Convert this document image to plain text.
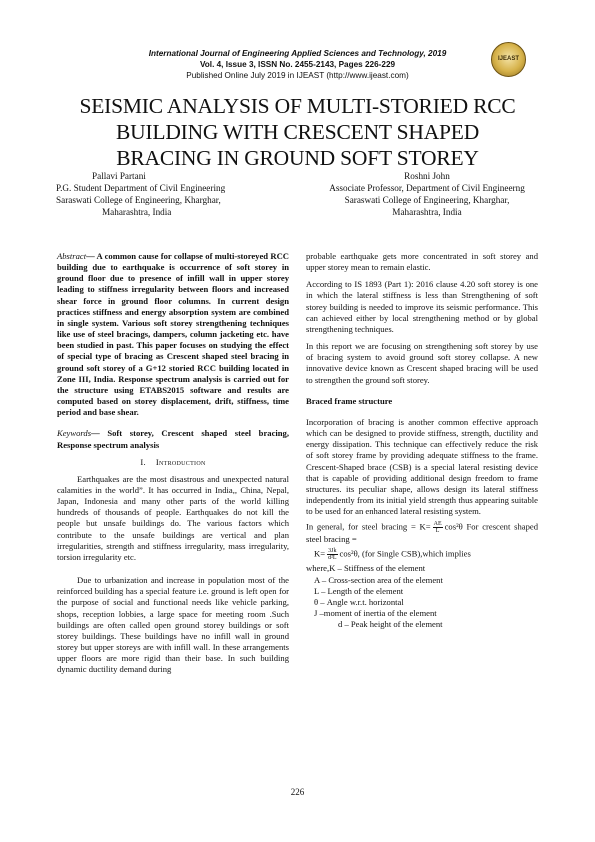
International Journal of Engineering Applied Sciences and Technology, 2019
Vol. 4, Issue 3, ISSN No. 2455-2143, Pages 226-229
Published Online July 2019 in IJEAST (http://www.ijeast.com)
IJEAST
SEISMIC ANALYSIS OF MULTI-STORIED RCC
BUILDING WITH CRESCENT SHAPED
BRACING IN GROUND SOFT STOREY
Pallavi Partani
P.G. Student Department of Civil Engineering
Saraswati College of Engineering, Kharghar,
Maharashtra, India
Roshni John
Associate Professor, Department of Civil Engineerng
Saraswati College of Engineering, Kharghar,
Maharashtra, India

Abstract— A common cause for collapse of multi-storeyed RCC building due to earthquake is occurrence of soft storey in ground floor due to presence of infill wall in upper storey leading to stiffness irregularity between floors and increased shear force in ground floor columns. In current design practices stiffness and energy absorption system are combined in single system. Various soft storey strengthening techniques like use of steel bracings, dampers, column jacketing etc. have been studied in past. This paper focuses on studying the effect of special type of bracing as Crescent shaped steel bracing in ground soft storey of a G+12 storied RCC building located in Zone III, India. Response spectrum analysis is carried out for the structure using ETABS2015 software and results are computed based on storey displacement, drift, stiffness, time period and base shear.

Keywords— Soft storey, Crescent shaped steel bracing, Response spectrum analysis

I. Introduction

Earthquakes are the most disastrous and unexpected natural calamities in the world”. It has occurred in India,, China, Nepal, Japan, Indonesia and many other parts of the world killing hundreds of thousands of people. Earthquakes do not kill the people but unsafe buildings do. The various factors which contribute to the unsafe buildings are vertical and plan irregularities, strength and stiffness irregularity, mass irregularity, torsion irregularity etc.

Due to urbanization and increase in population most of the reinforced building has a special feature i.e. ground is left open for the purpose of social and functional needs like vehicle parking, shops, reception lobbies, a large space for meeting room .Such buildings are often called open ground storey buildings or soft storey buildings. These buildings have no infill wall in ground storey but upper storeys are with infill wall. In these arrangements upper floors are more rigid than their base. In such building dynamic ductility demand during

probable earthquake gets more concentrated in soft storey and upper storey mean to remain elastic.

According to IS 1893 (Part 1): 2016 clause 4.20 soft storey is one in which the lateral stiffness is less than Strengthening of soft storey building is needed to improve its seismic performance. This can achieved either by local strengthening method or by global strengthening techniques.

In this report we are focusing on strengthening soft storey by use of bracing system to avoid ground soft storey collapse. A new innovative device known as Crescent shaped bracing will be used to strengthen the ground soft storey.

Braced frame structure

Incorporation of bracing is another common effective approach which can be designed to provide stiffness, strength, ductility and energy dissipation. This technique can effectively reduce the risk of soft storey frame by providing adequate stiffness to the frame. Crescent-Shaped brace (CSB) is a special lateral resisting device that is capable of providing additional design freedom to frame structures. its peculiar shape, allows design its lateral stiffness independently from its initial yield strength thus appearing suitable to be used for an enhanced lateral resisting system.

In general, for steel bracing = $K= \frac{AE}{L} \cos^2\theta$ For crescent shaped steel bracing =
$K= \frac{3Jk}{\text{d²L}} \cos^2\theta$, (for Single CSB),which implies
where,K – Stiffness of the element
A – Cross-section area of the element
L – Length of the element
θ – Angle w.r.t. horizontal
J –moment of inertia of the element
d – Peak height of the element
226
